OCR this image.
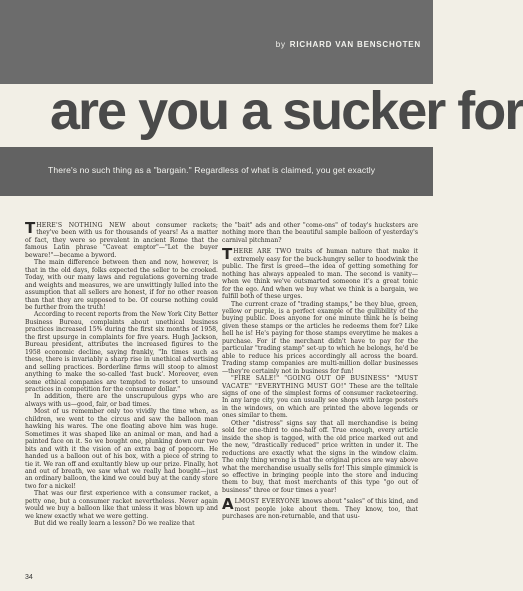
by RICHARD VAN BENSCHOTEN
are you a sucker for
There's no such thing as a "bargain." Regardless of what is claimed, you get exactly

THERE'S NOTHING NEW about consumer rackets; they've been with us for thousands of years! As a matter of fact, they were so prevalent in ancient Rome that the famous Latin phrase "Caveat emptor"—"Let the buyer beware!"—became a byword.

The main difference between then and now, however, is that in the old days, folks expected the seller to be crooked. Today, with our many laws and regulations governing trade and weights and measures, we are unwittingly lulled into the assumption that all sellers are honest, if for no other reason than that they are supposed to be. Of course nothing could be further from the truth!

According to recent reports from the New York City Better Business Bureau, complaints about unethical business practices increased 15% during the first six months of 1958, the first upsurge in complaints for five years. Hugh Jackson, Bureau president, attributes the increased figures to the 1958 economic decline, saying frankly, "In times such as these, there is invariably a sharp rise in unethical advertising and selling practices. Borderline firms will stoop to almost anything to make the so-called 'fast buck'. Moreover, even some ethical companies are tempted to resort to unsound practices in competition for the consumer dollar."

In addition, there are the unscrupulous gyps who are always with us—good, fair, or bad times.

Most of us remember only too vividly the time when, as children, we went to the circus and saw the balloon man hawking his wares. The one floating above him was huge. Sometimes it was shaped like an animal or man, and had a painted face on it. So we bought one, plunking down our two bits and with it the vision of an extra bag of popcorn. He handed us a balloon out of his box, with a piece of string to tie it. We ran off and exultantly blew up our prize. Finally, hot and out of breath, we saw what we really had bought—just an ordinary balloon, the kind we could buy at the candy store two for a nickel!

That was our first experience with a consumer racket, a petty one, but a consumer racket nevertheless. Never again would we buy a balloon like that unless it was blown up and we knew exactly what we were getting.

But did we really learn a lesson? Do we realize that

the "bait" ads and other "come-ons" of today's hucksters are nothing more than the beautiful sample balloon of yesterday's carnival pitchman?

THERE ARE TWO traits of human nature that make it extremely easy for the buck-hungry seller to hoodwink the public. The first is greed—the idea of getting something for nothing has always appealed to man. The second is vanity—when we think we've outsmarted someone it's a great tonic for the ego. And when we buy what we think is a bargain, we fulfill both of these urges.

The current craze of "trading stamps," be they blue, green, yellow or purple, is a perfect example of the gullibility of the buying public. Does anyone for one minute think he is being given these stamps or the articles he redeems them for? Like hell he is! He's paying for those stamps everytime he makes a purchase. For if the merchant didn't have to pay for the particular "trading stamp" set-up to which he belongs, he'd be able to reduce his prices accordingly all across the board. Trading stamp companies are multi-million dollar businesses—they're certainly not in business for fun!

"FIRE SALE!" "GOING OUT OF BUSINESS" "MUST VACATE" "EVERYTHING MUST GO!" These are the telltale signs of one of the simplest forms of consumer racketeering. In any large city, you can usually see shops with large posters in the windows, on which are printed the above legends or ones similar to them.

Other "distress" signs say that all merchandise is being sold for one-third to one-half off. True enough, every article inside the shop is tagged, with the old price marked out and the new, "drastically reduced" price written in under it. The reductions are exactly what the signs in the window claim. The only thing wrong is that the original prices are way above what the merchandise usually sells for! This simple gimmick is so effective in bringing people into the store and inducing them to buy, that most merchants of this type "go out of business" three or four times a year!

ALMOST EVERYONE knows about "sales" of this kind, and most people joke about them. They know, too, that purchases are non-returnable, and that usu-

34
